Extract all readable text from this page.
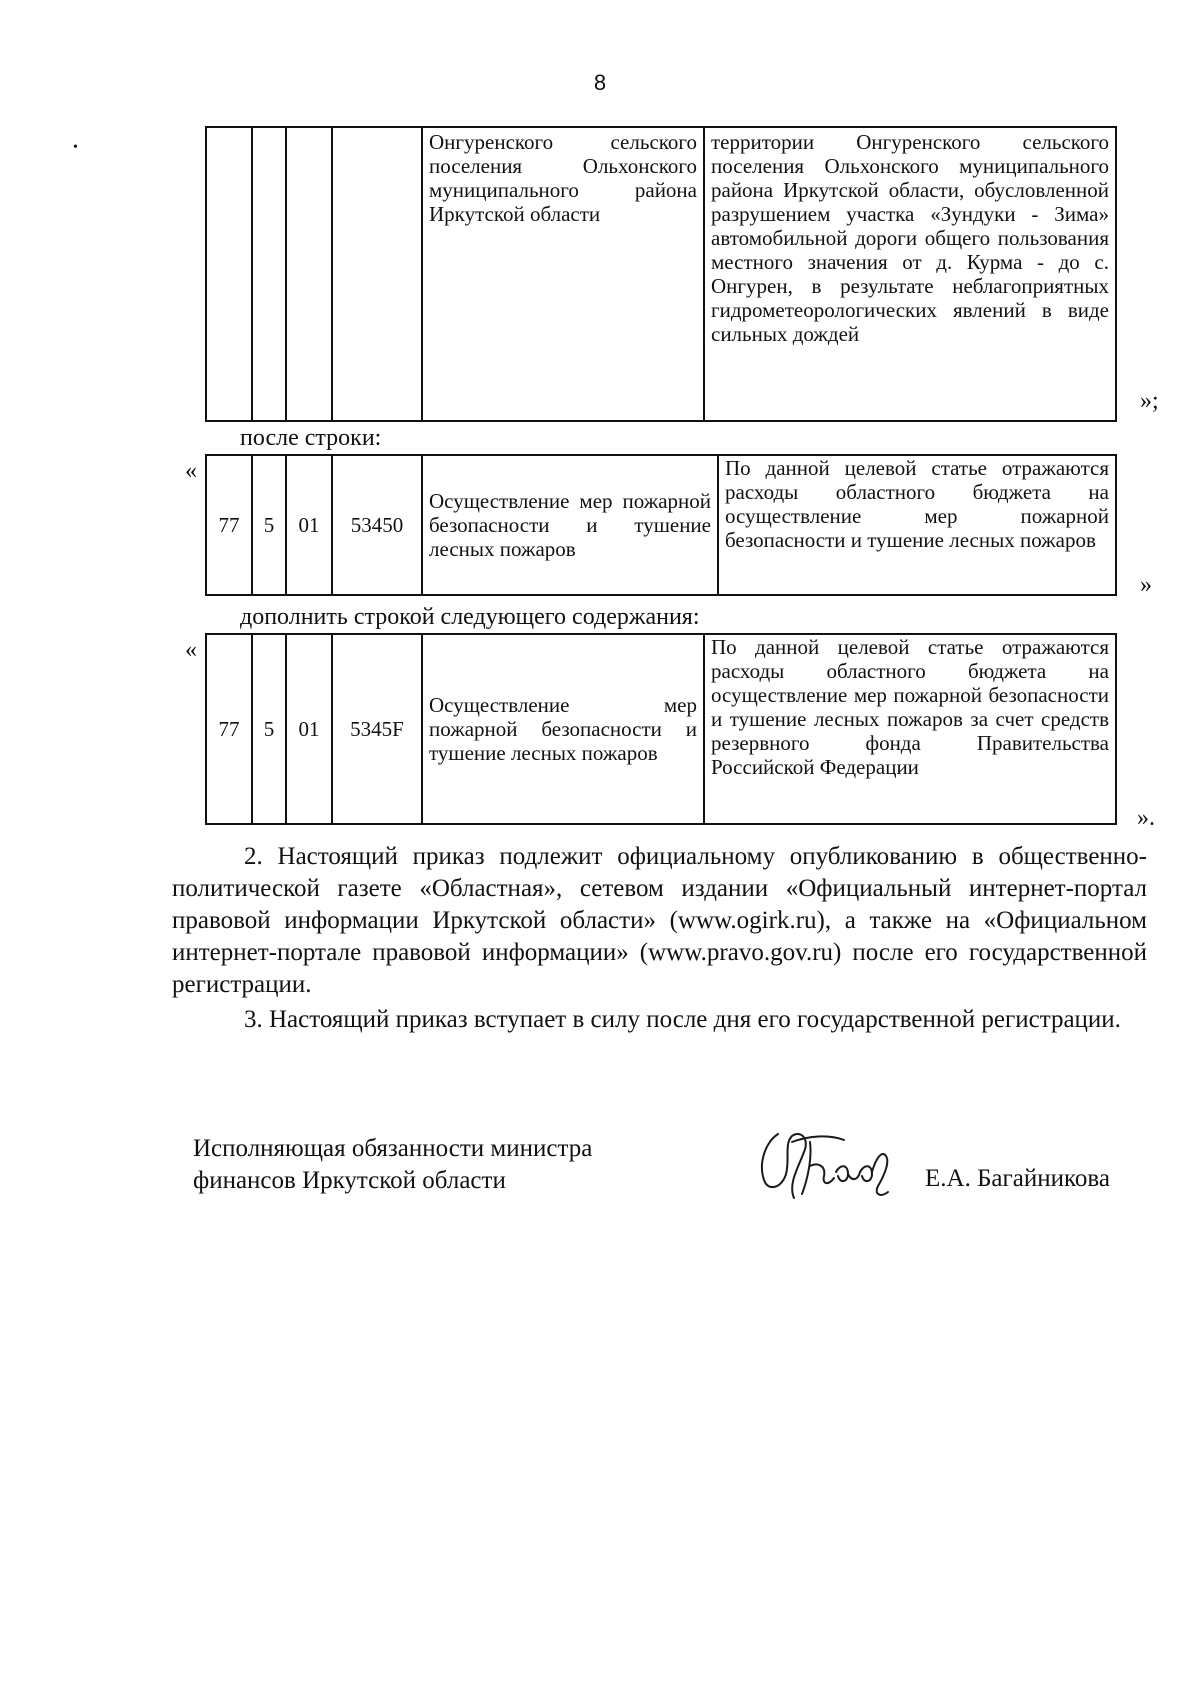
8
•
					Онгуренского сельского поселения Ольхонского муниципального района Иркутской области	территории Онгуренского сельского поселения Ольхонского муниципального района Иркутской области, обусловленной разрушением участка «Зундуки - Зима» автомобильной дороги общего пользования местного значения от д. Курма - до с. Онгурен, в результате неблагоприятных гидрометеорологических явлений в виде сильных дождей
»;
после строки:
«
77	5	01	53450	Осуществление мер пожарной безопасности и тушение лесных пожаров	По данной целевой статье отражаются расходы областного бюджета на осуществление мер пожарной безопасности и тушение лесных пожаров
»
дополнить строкой следующего содержания:
«
77	5	01	5345F	Осуществление мер пожарной безопасности и тушение лесных пожаров	По данной целевой статье отражаются расходы областного бюджета на осуществление мер пожарной безопасности и тушение лесных пожаров за счет средств резервного фонда Правительства Российской Федерации
».
2. Настоящий приказ подлежит официальному опубликованию в общественно-политической газете «Областная», сетевом издании «Официальный интернет-портал правовой информации Иркутской области» (www.ogirk.ru), а также на «Официальном интернет-портале правовой информации» (www.pravo.gov.ru) после его государственной регистрации.
3. Настоящий приказ вступает в силу после дня его государственной регистрации.
Исполняющая обязанности министра
финансов Иркутской области	Е.А. Багайникова
